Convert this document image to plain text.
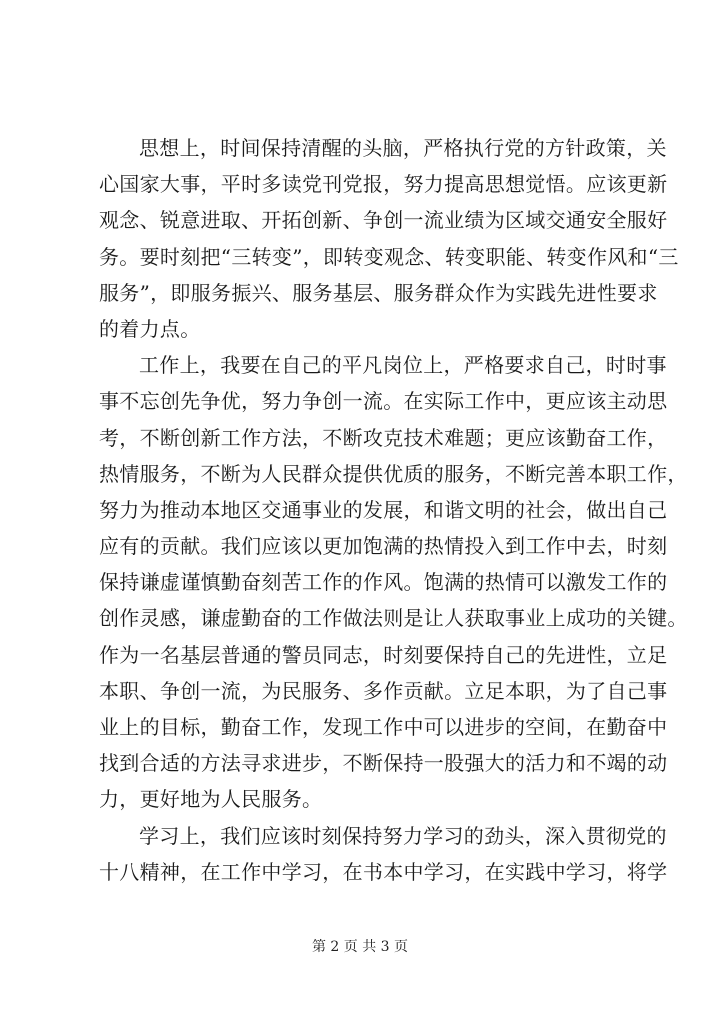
思想上，时间保持清醒的头脑，严格执行党的方针政策，关
心国家大事，平时多读党刊党报，努力提高思想觉悟。应该更新
观念、锐意进取、开拓创新、争创一流业绩为区域交通安全服好
务。要时刻把“三转变”，即转变观念、转变职能、转变作风和“三
服务”，即服务振兴、服务基层、服务群众作为实践先进性要求
的着力点。
工作上，我要在自己的平凡岗位上，严格要求自己，时时事
事不忘创先争优，努力争创一流。在实际工作中，更应该主动思
考，不断创新工作方法，不断攻克技术难题；更应该勤奋工作，
热情服务，不断为人民群众提供优质的服务，不断完善本职工作，
努力为推动本地区交通事业的发展，和谐文明的社会，做出自己
应有的贡献。我们应该以更加饱满的热情投入到工作中去，时刻
保持谦虚谨慎勤奋刻苦工作的作风。饱满的热情可以激发工作的
创作灵感，谦虚勤奋的工作做法则是让人获取事业上成功的关键。
作为一名基层普通的警员同志，时刻要保持自己的先进性，立足
本职、争创一流，为民服务、多作贡献。立足本职，为了自己事
业上的目标，勤奋工作，发现工作中可以进步的空间，在勤奋中
找到合适的方法寻求进步，不断保持一股强大的活力和不竭的动
力，更好地为人民服务。
学习上，我们应该时刻保持努力学习的劲头，深入贯彻党的
十八精神，在工作中学习，在书本中学习，在实践中学习，将学
第 2 页 共 3 页
